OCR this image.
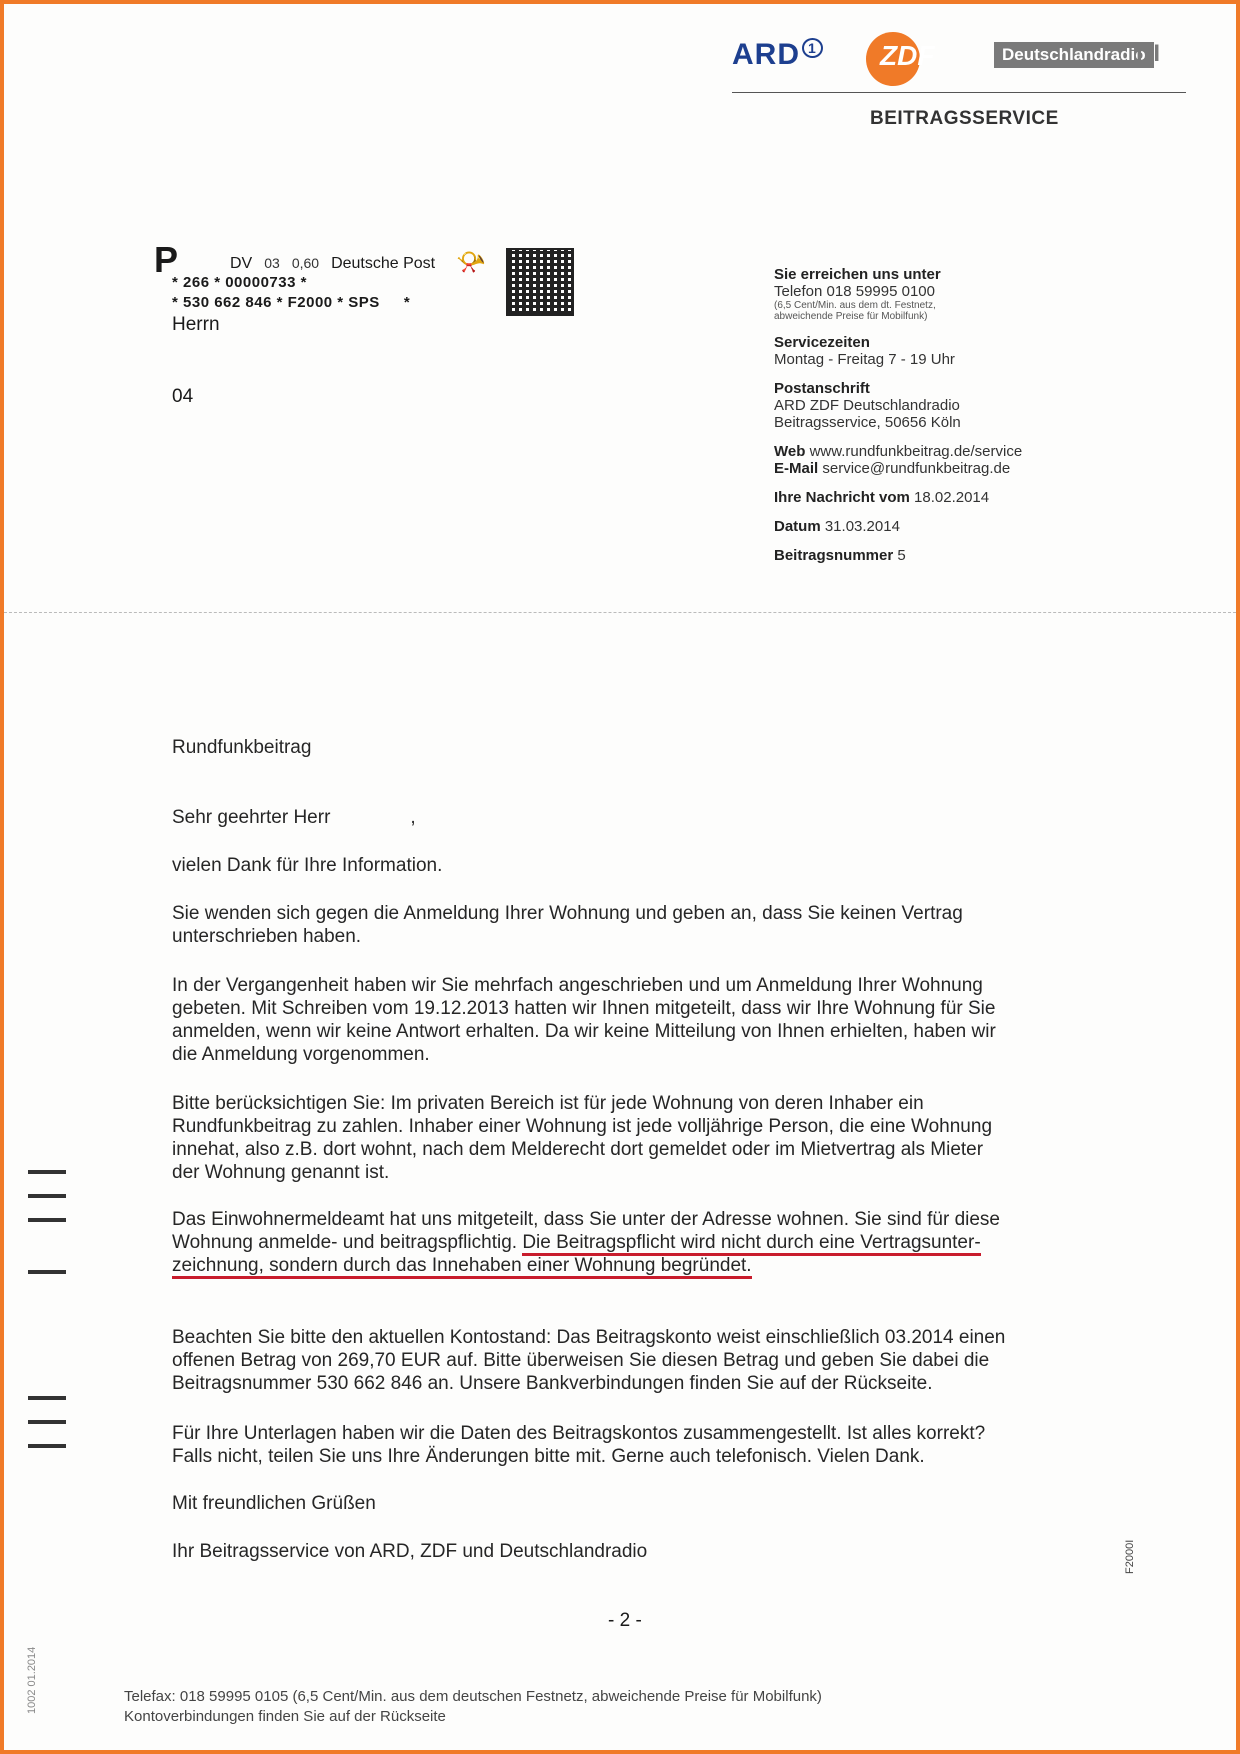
ARD $^1$ ZDF	Deutschlandradio
III
BEITRAGSSERVICE
P	DV 03 0,60 Deutsche Post 📯
* 266 * 00000733 *
* 530 662 846 * F2000 * SPS *
Herrn
04
Sie erreichen uns unter
Telefon 018 59995 0100
(6,5 Cent/Min. aus dem dt. Festnetz,
abweichende Preise für Mobilfunk)
Servicezeiten
Montag - Freitag 7 - 19 Uhr
Postanschrift
ARD ZDF Deutschlandradio
Beitragsservice, 50656 Köln
Web www.rundfunkbeitrag.de/service
E-Mail service@rundfunkbeitrag.de
Ihre Nachricht vom 18.02.2014
Datum 31.03.2014
Beitragsnummer 5
Rundfunkbeitrag
Sehr geehrter Herr	,
vielen Dank für Ihre Information.
Sie wenden sich gegen die Anmeldung Ihrer Wohnung und geben an, dass Sie keinen Vertrag
unterschrieben haben.
In der Vergangenheit haben wir Sie mehrfach angeschrieben und um Anmeldung Ihrer Wohnung
gebeten. Mit Schreiben vom 19.12.2013 hatten wir Ihnen mitgeteilt, dass wir Ihre Wohnung für Sie
anmelden, wenn wir keine Antwort erhalten. Da wir keine Mitteilung von Ihnen erhielten, haben wir
die Anmeldung vorgenommen.
Bitte berücksichtigen Sie: Im privaten Bereich ist für jede Wohnung von deren Inhaber ein
Rundfunkbeitrag zu zahlen. Inhaber einer Wohnung ist jede volljährige Person, die eine Wohnung
innehat, also z.B. dort wohnt, nach dem Melderecht dort gemeldet oder im Mietvertrag als Mieter
der Wohnung genannt ist.
Das Einwohnermeldeamt hat uns mitgeteilt, dass Sie unter der Adresse wohnen. Sie sind für diese
Wohnung anmelde- und beitragspflichtig. Die Beitragspflicht wird nicht durch eine Vertragsunter-
zeichnung, sondern durch das Innehaben einer Wohnung begründet.
Beachten Sie bitte den aktuellen Kontostand: Das Beitragskonto weist einschließlich 03.2014 einen
offenen Betrag von 269,70 EUR auf. Bitte überweisen Sie diesen Betrag und geben Sie dabei die
Beitragsnummer 530 662 846 an. Unsere Bankverbindungen finden Sie auf der Rückseite.
Für Ihre Unterlagen haben wir die Daten des Beitragskontos zusammengestellt. Ist alles korrekt?
Falls nicht, teilen Sie uns Ihre Änderungen bitte mit. Gerne auch telefonisch. Vielen Dank.
Mit freundlichen Grüßen
Ihr Beitragsservice von ARD, ZDF und Deutschlandradio
- 2 -
F2000I
1002 01.2014	Telefax: 018 59995 0105 (6,5 Cent/Min. aus dem deutschen Festnetz, abweichende Preise für Mobilfunk)
Kontoverbindungen finden Sie auf der Rückseite
